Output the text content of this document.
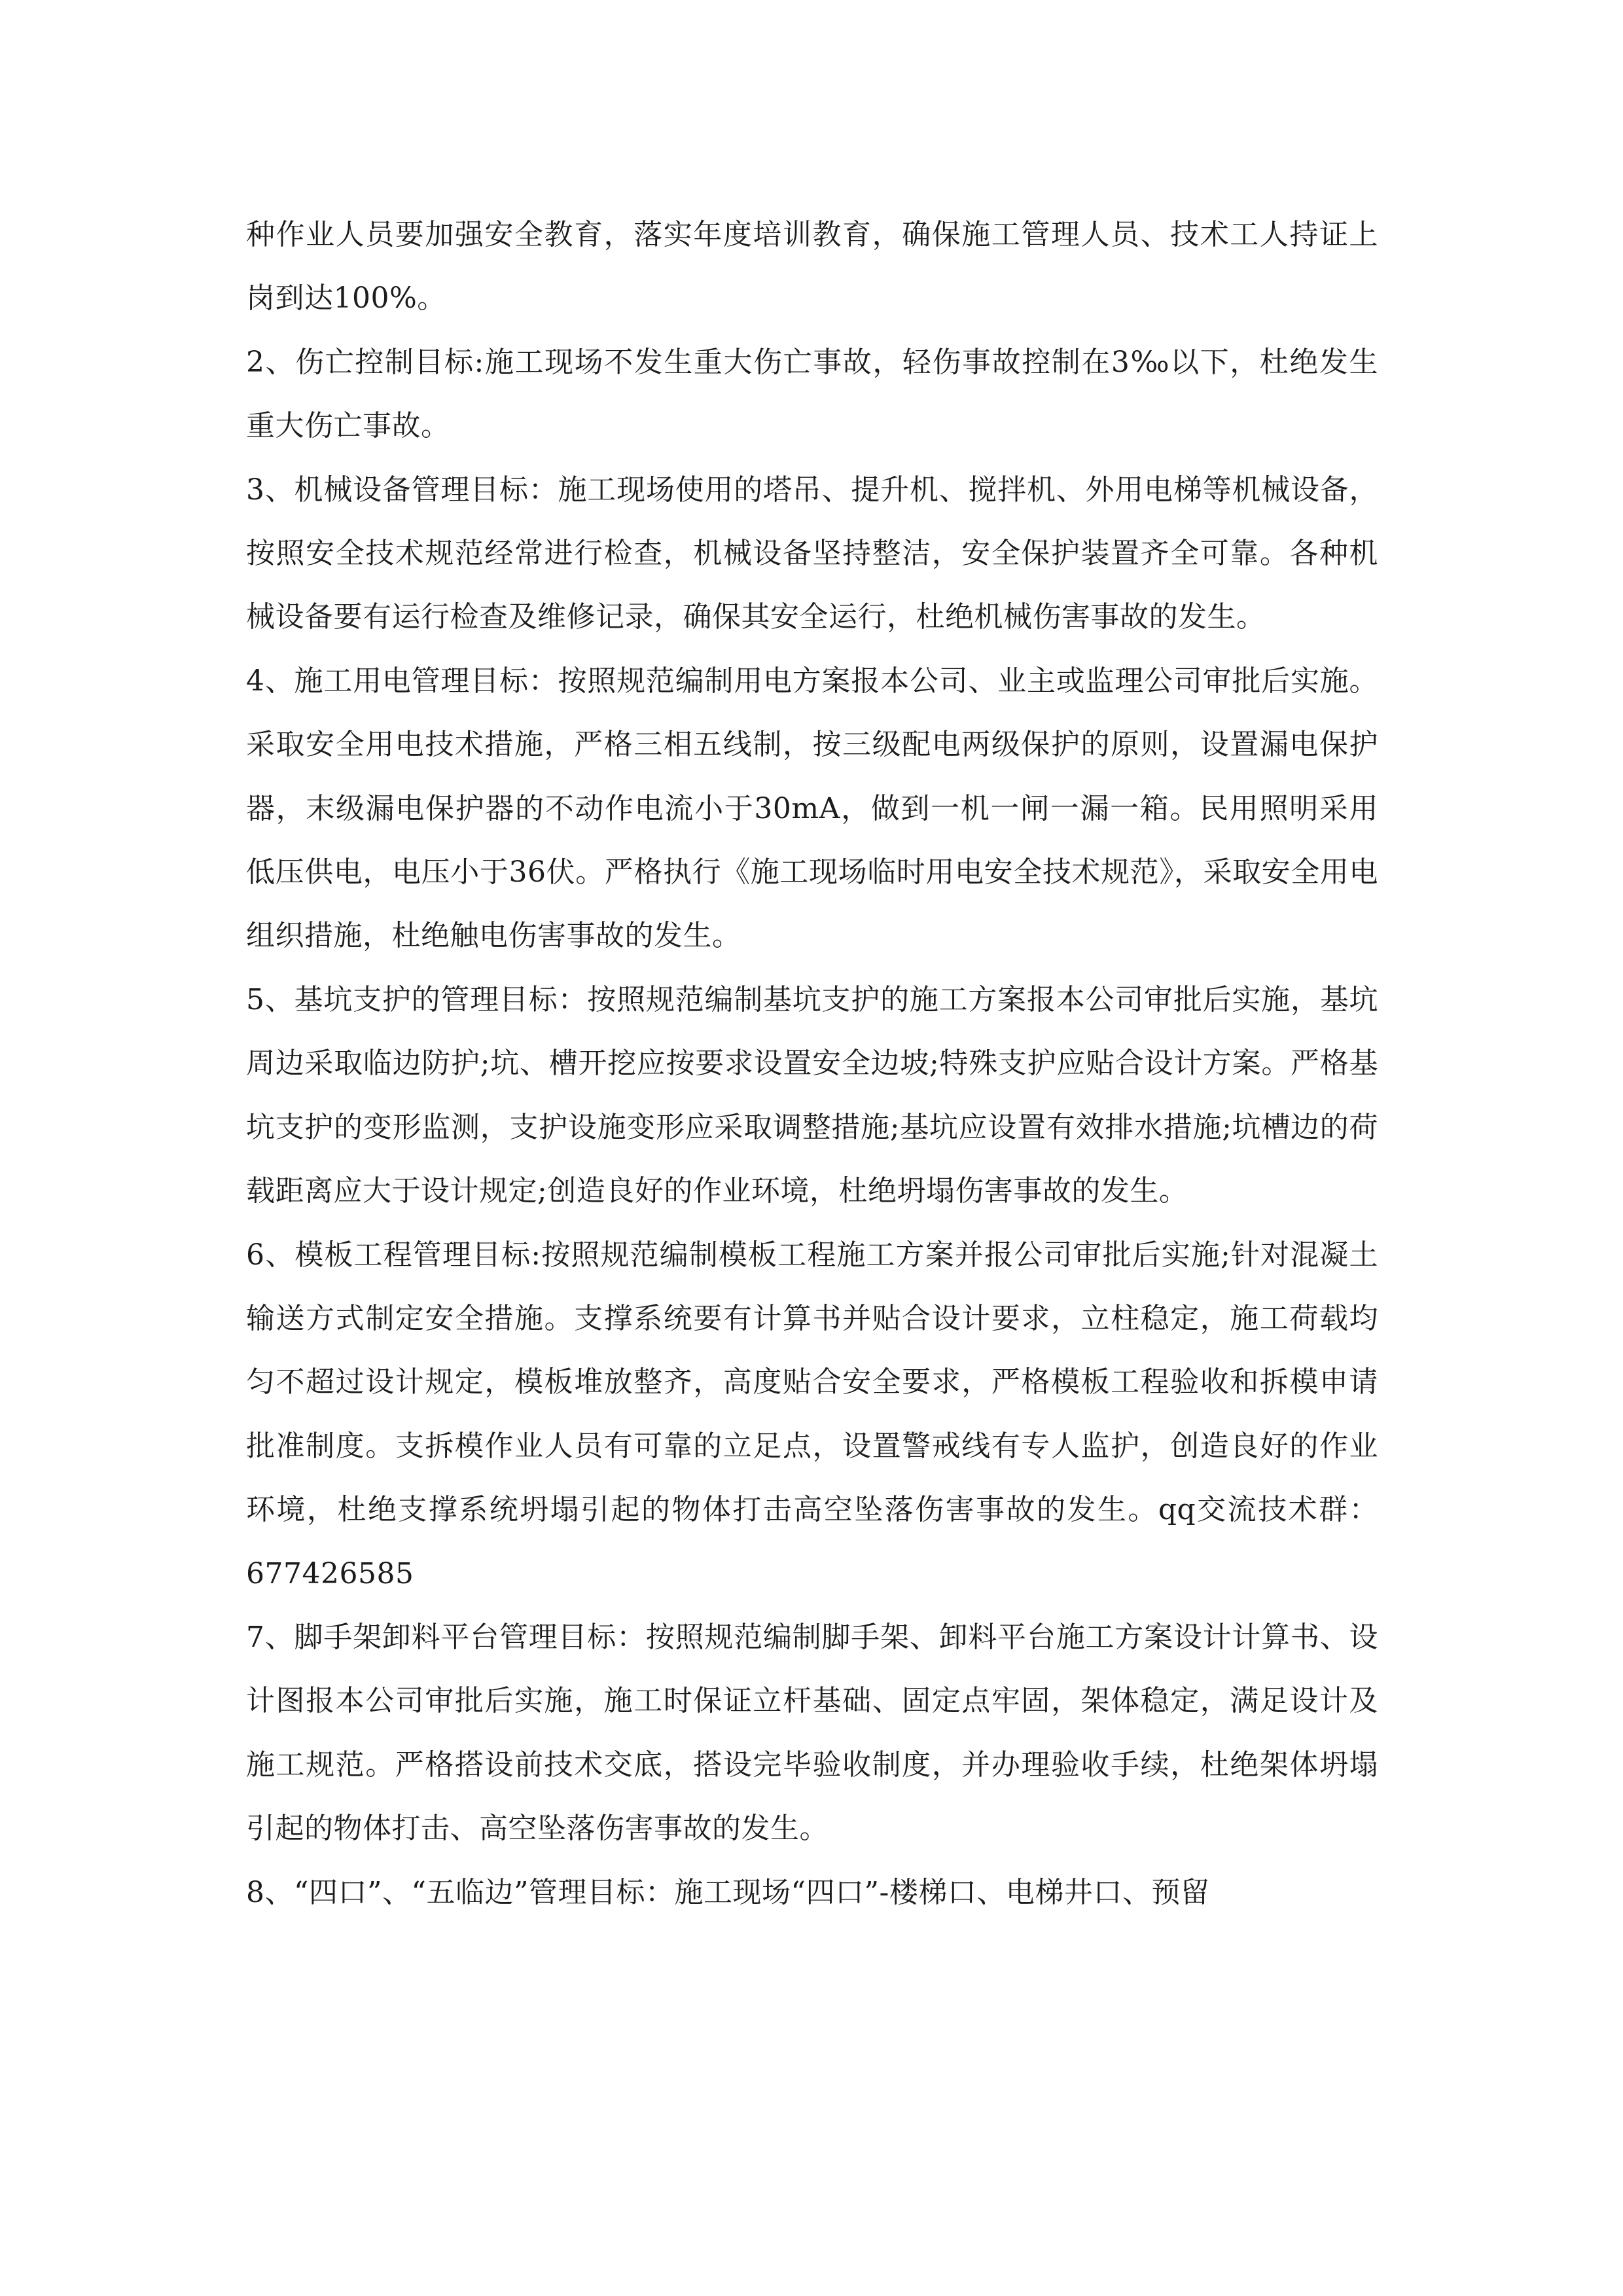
种作业人员要加强安全教育，落实年度培训教育，确保施工管理人员、技术工人持证上岗到达100%。

2、伤亡控制目标:施工现场不发生重大伤亡事故，轻伤事故控制在3‰以下，杜绝发生重大伤亡事故。

3、机械设备管理目标：施工现场使用的塔吊、提升机、搅拌机、外用电梯等机械设备，按照安全技术规范经常进行检查，机械设备坚持整洁，安全保护装置齐全可靠。各种机械设备要有运行检查及维修记录，确保其安全运行，杜绝机械伤害事故的发生。

4、施工用电管理目标：按照规范编制用电方案报本公司、业主或监理公司审批后实施。采取安全用电技术措施，严格三相五线制，按三级配电两级保护的原则，设置漏电保护器，末级漏电保护器的不动作电流小于30mA，做到一机一闸一漏一箱。民用照明采用低压供电，电压小于36伏。严格执行《施工现场临时用电安全技术规范》，采取安全用电组织措施，杜绝触电伤害事故的发生。

5、基坑支护的管理目标：按照规范编制基坑支护的施工方案报本公司审批后实施，基坑周边采取临边防护;坑、槽开挖应按要求设置安全边坡;特殊支护应贴合设计方案。严格基坑支护的变形监测，支护设施变形应采取调整措施;基坑应设置有效排水措施;坑槽边的荷载距离应大于设计规定;创造良好的作业环境，杜绝坍塌伤害事故的发生。

6、模板工程管理目标:按照规范编制模板工程施工方案并报公司审批后实施;针对混凝土输送方式制定安全措施。支撑系统要有计算书并贴合设计要求，立柱稳定，施工荷载均匀不超过设计规定，模板堆放整齐，高度贴合安全要求，严格模板工程验收和拆模申请批准制度。支拆模作业人员有可靠的立足点，设置警戒线有专人监护，创造良好的作业环境，杜绝支撑系统坍塌引起的物体打击高空坠落伤害事故的发生。qq交流技术群：677426585

7、脚手架卸料平台管理目标：按照规范编制脚手架、卸料平台施工方案设计计算书、设计图报本公司审批后实施，施工时保证立杆基础、固定点牢固，架体稳定，满足设计及施工规范。严格搭设前技术交底，搭设完毕验收制度，并办理验收手续，杜绝架体坍塌引起的物体打击、高空坠落伤害事故的发生。

8、“四口”、“五临边”管理目标：施工现场“四口”-楼梯口、电梯井口、预留
